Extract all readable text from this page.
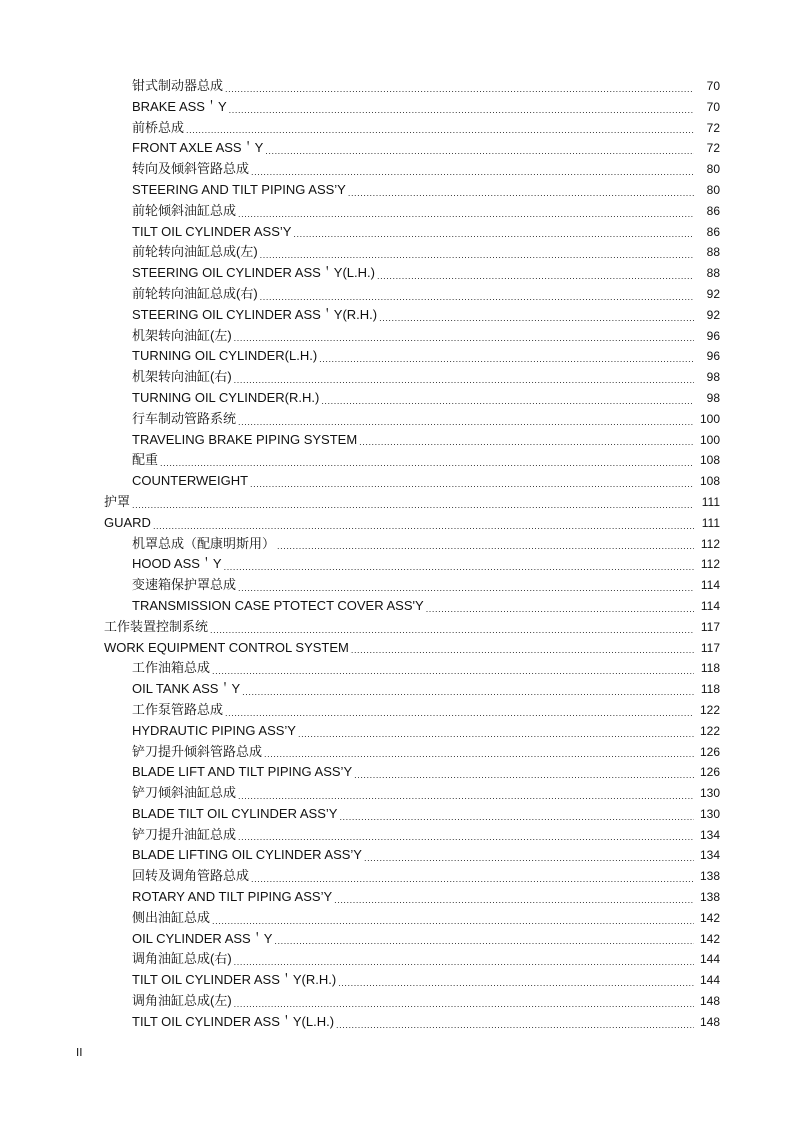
钳式制动器总成 .....	70
BRAKE ASS＇Y .....	70
前桥总成 .....	72
FRONT AXLE ASS＇Y .....	72
转向及倾斜管路总成 .....	80
STEERING AND TILT PIPING ASS’Y .....	80
前轮倾斜油缸总成 .....	86
TILT OIL CYLINDER ASS’Y .....	86
前轮转向油缸总成(左) .....	88
STEERING OIL CYLINDER ASS＇Y(L.H.) .....	88
前轮转向油缸总成(右) .....	92
STEERING OIL CYLINDER ASS＇Y(R.H.) .....	92
机架转向油缸(左) .....	96
TURNING OIL CYLINDER(L.H.) .....	96
机架转向油缸(右) .....	98
TURNING OIL CYLINDER(R.H.) .....	98
行车制动管路系统 .....	100
TRAVELING BRAKE PIPING SYSTEM .....	100
配重 .....	108
COUNTERWEIGHT .....	108
护罩 .....	111
GUARD .....	111
机罩总成（配康明斯用） .....	112
HOOD ASS＇Y .....	112
变速箱保护罩总成 .....	114
TRANSMISSION CASE PTOTECT COVER ASS'Y .....	114
工作装置控制系统 .....	117
WORK EQUIPMENT CONTROL SYSTEM .....	117
工作油箱总成 .....	118
OIL TANK ASS＇Y .....	118
工作泵管路总成 .....	122
HYDRAUTIC PIPING ASS’Y .....	122
铲刀提升倾斜管路总成 .....	126
BLADE LIFT AND TILT PIPING ASS’Y .....	126
铲刀倾斜油缸总成 .....	130
BLADE TILT OIL CYLINDER ASS’Y .....	130
铲刀提升油缸总成 .....	134
BLADE LIFTING OIL CYLINDER ASS’Y .....	134
回转及调角管路总成 .....	138
ROTARY AND TILT PIPING ASS’Y .....	138
侧出油缸总成 .....	142
OIL CYLINDER ASS＇Y .....	142
调角油缸总成(右) .....	144
TILT OIL CYLINDER ASS＇Y(R.H.) .....	144
调角油缸总成(左) .....	148
TILT OIL CYLINDER ASS＇Y(L.H.) .....	148
II
